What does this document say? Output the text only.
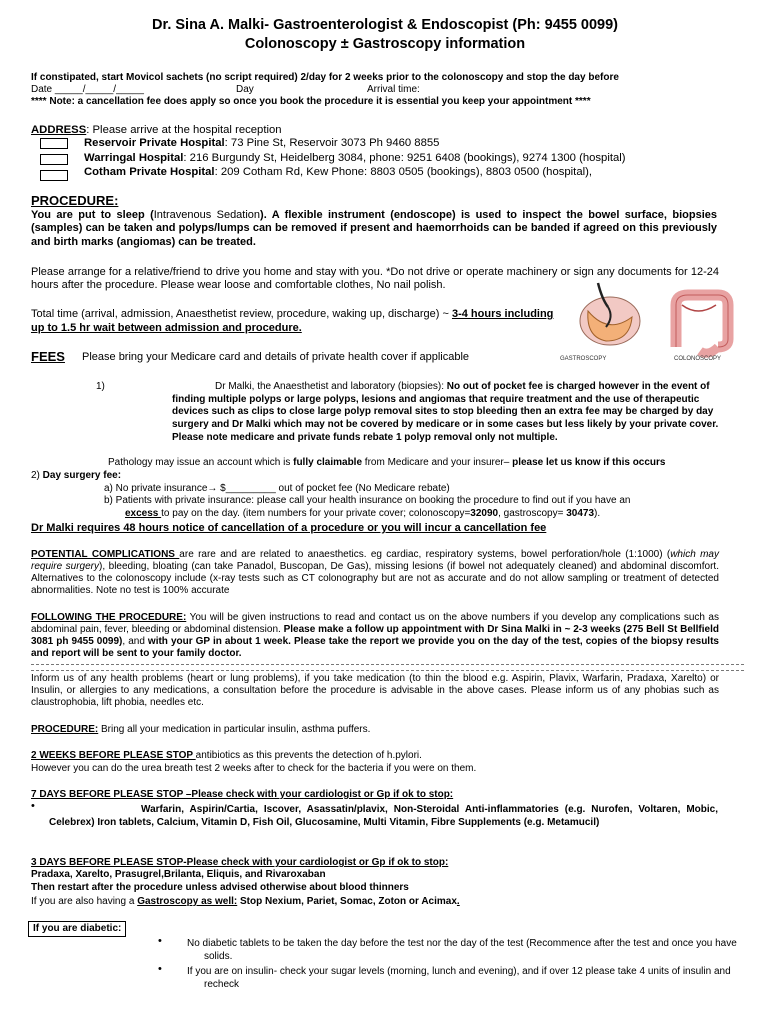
Dr. Sina A. Malki- Gastroenterologist & Endoscopist (Ph: 9455 0099)
Colonoscopy ± Gastroscopy information
If constipated, start Movicol sachets (no script required) 2/day for 2 weeks prior to the colonoscopy and stop the day before
Date _____/_____/_____	Day	Arrival time:
**** Note: a cancellation fee does apply so once you book the procedure it is essential you keep your appointment ****
ADDRESS: Please arrive at the hospital reception
Reservoir Private Hospital: 73 Pine St, Reservoir 3073 Ph 9460 8855
Warringal Hospital: 216 Burgundy St, Heidelberg 3084, phone: 9251 6408 (bookings), 9274 1300 (hospital)
Cotham Private Hospital: 209 Cotham Rd, Kew Phone: 8803 0505 (bookings), 8803 0500 (hospital),
PROCEDURE:
You are put to sleep (Intravenous Sedation). A flexible instrument (endoscope) is used to inspect the bowel surface, biopsies (samples) can be taken and polyps/lumps can be removed if present and haemorrhoids can be banded if agreed on this previously and birth marks (angiomas) can be treated.
Please arrange for a relative/friend to drive you home and stay with you. *Do not drive or operate machinery or sign any documents for 12-24 hours after the procedure. Please wear loose and comfortable clothes, No nail polish.
Total time (arrival, admission, Anaesthetist review, procedure, waking up, discharge) ~ 3-4 hours including up to 1.5 hr wait between admission and procedure.
GASTROSCOPY	COLONOSCOPY
FEES Please bring your Medicare card and details of private health cover if applicable
1)	Dr Malki, the Anaesthetist and laboratory (biopsies): No out of pocket fee is charged however in the event of finding multiple polyps or large polyps, lesions and angiomas that require treatment and the use of therapeutic devices such as clips to close large polyp removal sites to stop bleeding then an extra fee may be charged by day surgery and Dr Malki which may not be covered by medicare or in some cases but less likely by your private cover. Please note medicare and private funds rebate 1 polyp removal only not multiple.
Pathology may issue an account which is fully claimable from Medicare and your insurer– please let us know if this occurs
2) Day surgery fee:
a) No private insurance→ $_________ out of pocket fee (No Medicare rebate)
b) Patients with private insurance: please call your health insurance on booking the procedure to find out if you have an
excess to pay on the day. (item numbers for your private cover; colonoscopy=32090, gastroscopy= 30473).
Dr Malki requires 48 hours notice of cancellation of a procedure or you will incur a cancellation fee
POTENTIAL COMPLICATIONS are rare and are related to anaesthetics. eg cardiac, respiratory systems, bowel perforation/hole (1:1000) (which may require surgery), bleeding, bloating (can take Panadol, Buscopan, De Gas), missing lesions (if bowel not adequately cleaned) and abdominal discomfort. Alternatives to the colonoscopy include (x-ray tests such as CT colonography but are not as accurate and do not allow sampling or treatment of detected abnormalities. Note no test is 100% accurate
FOLLOWING THE PROCEDURE: You will be given instructions to read and contact us on the above numbers if you develop any complications such as abdominal pain, fever, bleeding or abdominal distension. Please make a follow up appointment with Dr Sina Malki in ~ 2-3 weeks (275 Bell St Bellfield 3081 ph 9455 0099), and with your GP in about 1 week. Please take the report we provide you on the day of the test, copies of the biopsy results and report will be sent to your family doctor.
Inform us of any health problems (heart or lung problems), if you take medication (to thin the blood e.g. Aspirin, Plavix, Warfarin, Pradaxa, Xarelto) or Insulin, or allergies to any medications, a consultation before the procedure is advisable in the above cases. Please inform us of any phobias such as claustrophobia, lift phobia, needles etc.
PROCEDURE: Bring all your medication in particular insulin, asthma puffers.
2 WEEKS BEFORE PLEASE STOP antibiotics as this prevents the detection of h.pylori.
However you can do the urea breath test 2 weeks after to check for the bacteria if you were on them.
7 DAYS BEFORE PLEASE STOP –Please check with your cardiologist or Gp if ok to stop:
•	Warfarin, Aspirin/Cartia, Iscover, Asassatin/plavix, Non-Steroidal Anti-inflammatories (e.g. Nurofen, Voltaren, Mobic, Celebrex) Iron tablets, Calcium, Vitamin D, Fish Oil, Glucosamine, Multi Vitamin, Fibre Supplements (e.g. Metamucil)
3 DAYS BEFORE PLEASE STOP-Please check with your cardiologist or Gp if ok to stop:
Pradaxa, Xarelto, Prasugrel,Brilanta, Eliquis, and Rivaroxaban
Then restart after the procedure unless advised otherwise about blood thinners
If you are also having a Gastroscopy as well: Stop Nexium, Pariet, Somac, Zoton or Acimax.
If you are diabetic:
•	No diabetic tablets to be taken the day before the test nor the day of the test (Recommence after the test and once you have solids.
•	If you are on insulin- check your sugar levels (morning, lunch and evening), and if over 12 please take 4 units of insulin and recheck
